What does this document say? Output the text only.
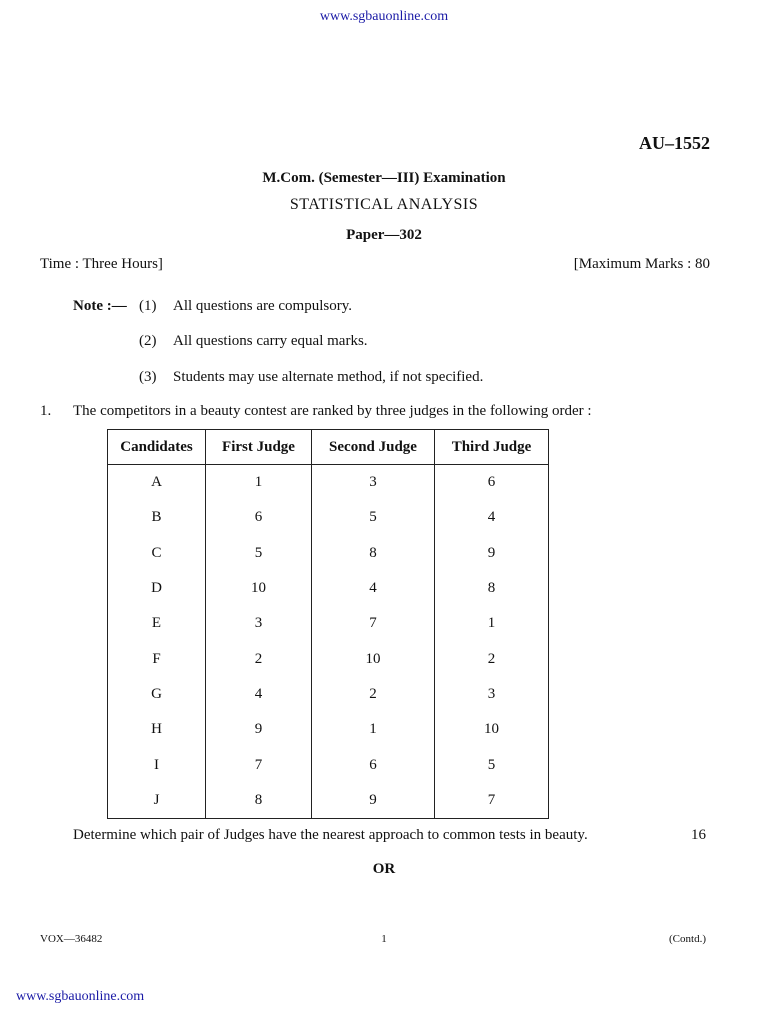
www.sgbauonline.com
AU–1552
M.Com. (Semester—III) Examination
STATISTICAL ANALYSIS
Paper—302
Time : Three Hours]	[Maximum Marks : 80
Note :— (1) All questions are compulsory.
(2) All questions carry equal marks.
(3) Students may use alternate method, if not specified.
1. The competitors in a beauty contest are ranked by three judges in the following order :
Candidates	First Judge	Second Judge	Third Judge
A	1	3	6
B	6	5	4
C	5	8	9
D	10	4	8
E	3	7	1
F	2	10	2
G	4	2	3
H	9	1	10
I	7	6	5
J	8	9	7
Determine which pair of Judges have the nearest approach to common tests in beauty.	16
OR
VOX—36482	1	(Contd.)
www.sgbauonline.com
